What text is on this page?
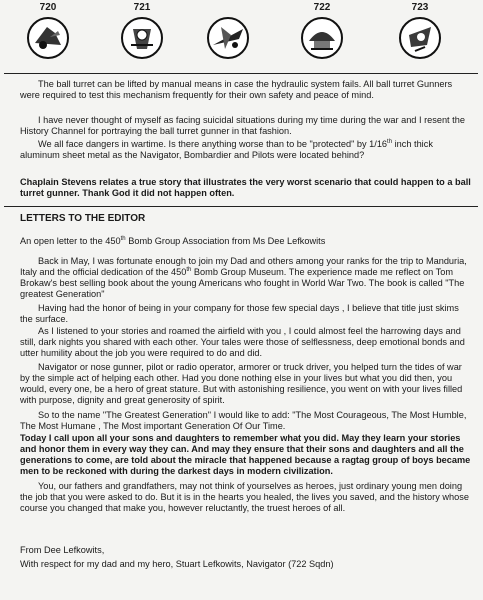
720	721
	722	723

The ball turret can be lifted by manual means in case the hydraulic system fails. All ball turret Gunners were required to test this mechanism frequently for their own safety and peace of mind.

I have never thought of myself as facing suicidal situations during my time during the war and I resent the History Channel for portraying the ball turret gunner in that fashion.

We all face dangers in wartime. Is there anything worse than to be "protected" by 1/16th inch thick aluminum sheet metal as the Navigator, Bombardier and Pilots were located behind?

Chaplain Stevens relates a true story that illustrates the very worst scenario that could happen to a ball turret gunner. Thank God it did not happen often.

LETTERS TO THE EDITOR

An open letter to the 450th Bomb Group Association from Ms Dee Lefkowits

Back in May, I was fortunate enough to join my Dad and others among your ranks for the trip to Manduria, Italy and the official dedication of the 450th Bomb Group Museum. The experience made me reflect on Tom Brokaw's best selling book about the young Americans who fought in World War Two. The book is called "The greatest Generation"

Having had the honor of being in your company for those few special days , I believe that title just skims the surface.

As I listened to your stories and roamed the airfield with you , I could almost feel the harrowing days and still, dark nights you shared with each other. Your tales were those of selflessness, deep emotional bonds and utter humility about the job you were required to do and did.

Navigator or nose gunner, pilot or radio operator, armorer or truck driver, you helped turn the tides of war by the simple act of helping each other. Had you done nothing else in your lives but what you did then, you would, every one, be a hero of great stature. But with astonishing resilience, you went on with your lives filled with purpose, dignity and great generosity of spirit.

So to the name "The Greatest Generation" I would like to add: "The Most Courageous, The Most Humble, The Most Humane , The Most important Generation Of Our Time.

Today I call upon all your sons and daughters to remember what you did. May they learn your stories and honor them in every way they can. And may they ensure that their sons and daughters and all the generations to come, are told about the miracle that happened because a ragtag group of boys became men to be reckoned with during the darkest days in modern civilization.

You, our fathers and grandfathers, may not think of yourselves as heroes, just ordinary young men doing the job that you were asked to do. But it is in the hearts you healed, the lives you saved, and the history whose course you changed that make you, however reluctantly, the truest heroes of all.

From Dee Lefkowits,

With respect for my dad and my hero, Stuart Lefkowits, Navigator (722 Sqdn)
